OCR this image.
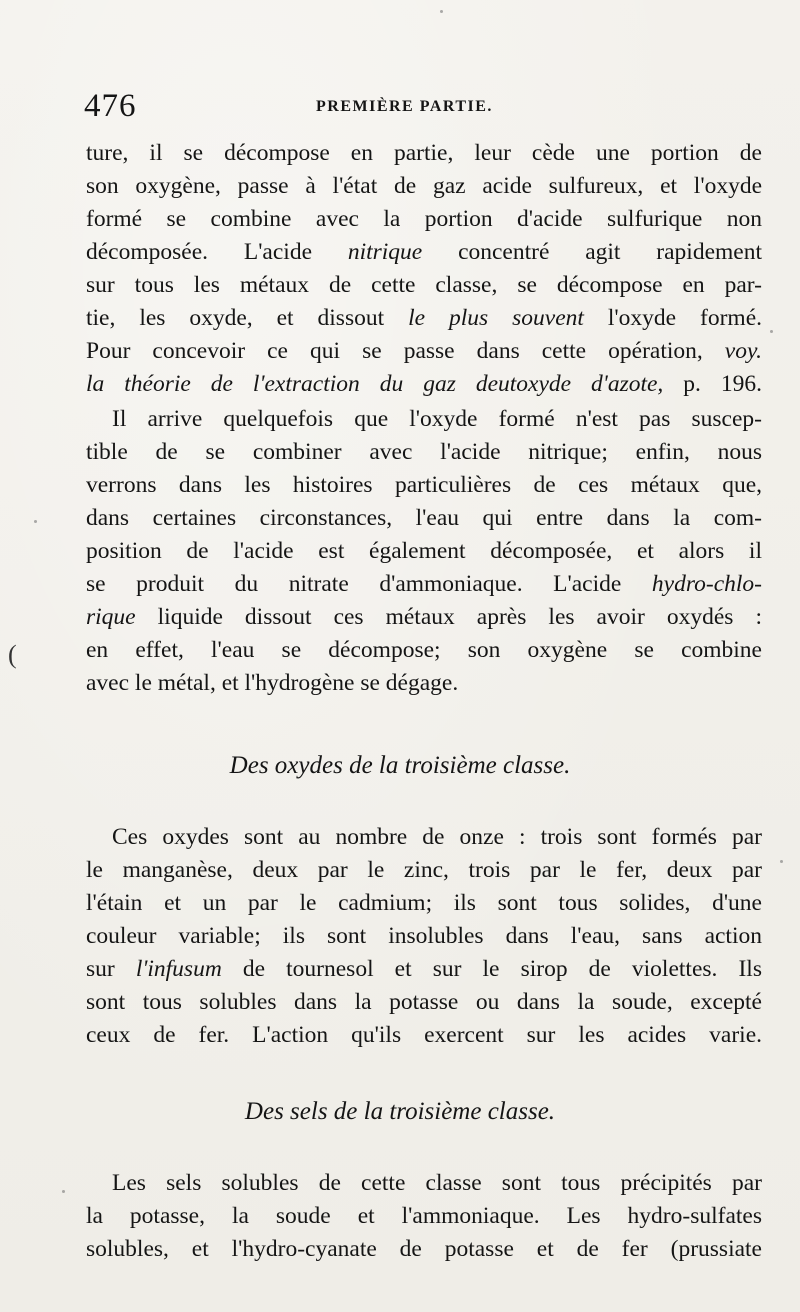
476	PREMIÈRE PARTIE.
(
ture, il se décompose en partie, leur cède une portion de
son oxygène, passe à l'état de gaz acide sulfureux, et l'oxyde
formé se combine avec la portion d'acide sulfurique non
décomposée. L'acide nitrique concentré agit rapidement
sur tous les métaux de cette classe, se décompose en par-
tie, les oxyde, et dissout le plus souvent l'oxyde formé.
Pour concevoir ce qui se passe dans cette opération, voy.
la théorie de l'extraction du gaz deutoxyde d'azote, p. 196.
Il arrive quelquefois que l'oxyde formé n'est pas suscep-
tible de se combiner avec l'acide nitrique; enfin, nous
verrons dans les histoires particulières de ces métaux que,
dans certaines circonstances, l'eau qui entre dans la com-
position de l'acide est également décomposée, et alors il
se produit du nitrate d'ammoniaque. L'acide hydro-chlo-
rique liquide dissout ces métaux après les avoir oxydés :
en effet, l'eau se décompose; son oxygène se combine
avec le métal, et l'hydrogène se dégage.
Des oxydes de la troisième classe.
Ces oxydes sont au nombre de onze : trois sont formés par
le manganèse, deux par le zinc, trois par le fer, deux par
l'étain et un par le cadmium; ils sont tous solides, d'une
couleur variable; ils sont insolubles dans l'eau, sans action
sur l'infusum de tournesol et sur le sirop de violettes. Ils
sont tous solubles dans la potasse ou dans la soude, excepté
ceux de fer. L'action qu'ils exercent sur les acides varie.
Des sels de la troisième classe.
Les sels solubles de cette classe sont tous précipités par
la potasse, la soude et l'ammoniaque. Les hydro-sulfates
solubles, et l'hydro-cyanate de potasse et de fer (prussiate
